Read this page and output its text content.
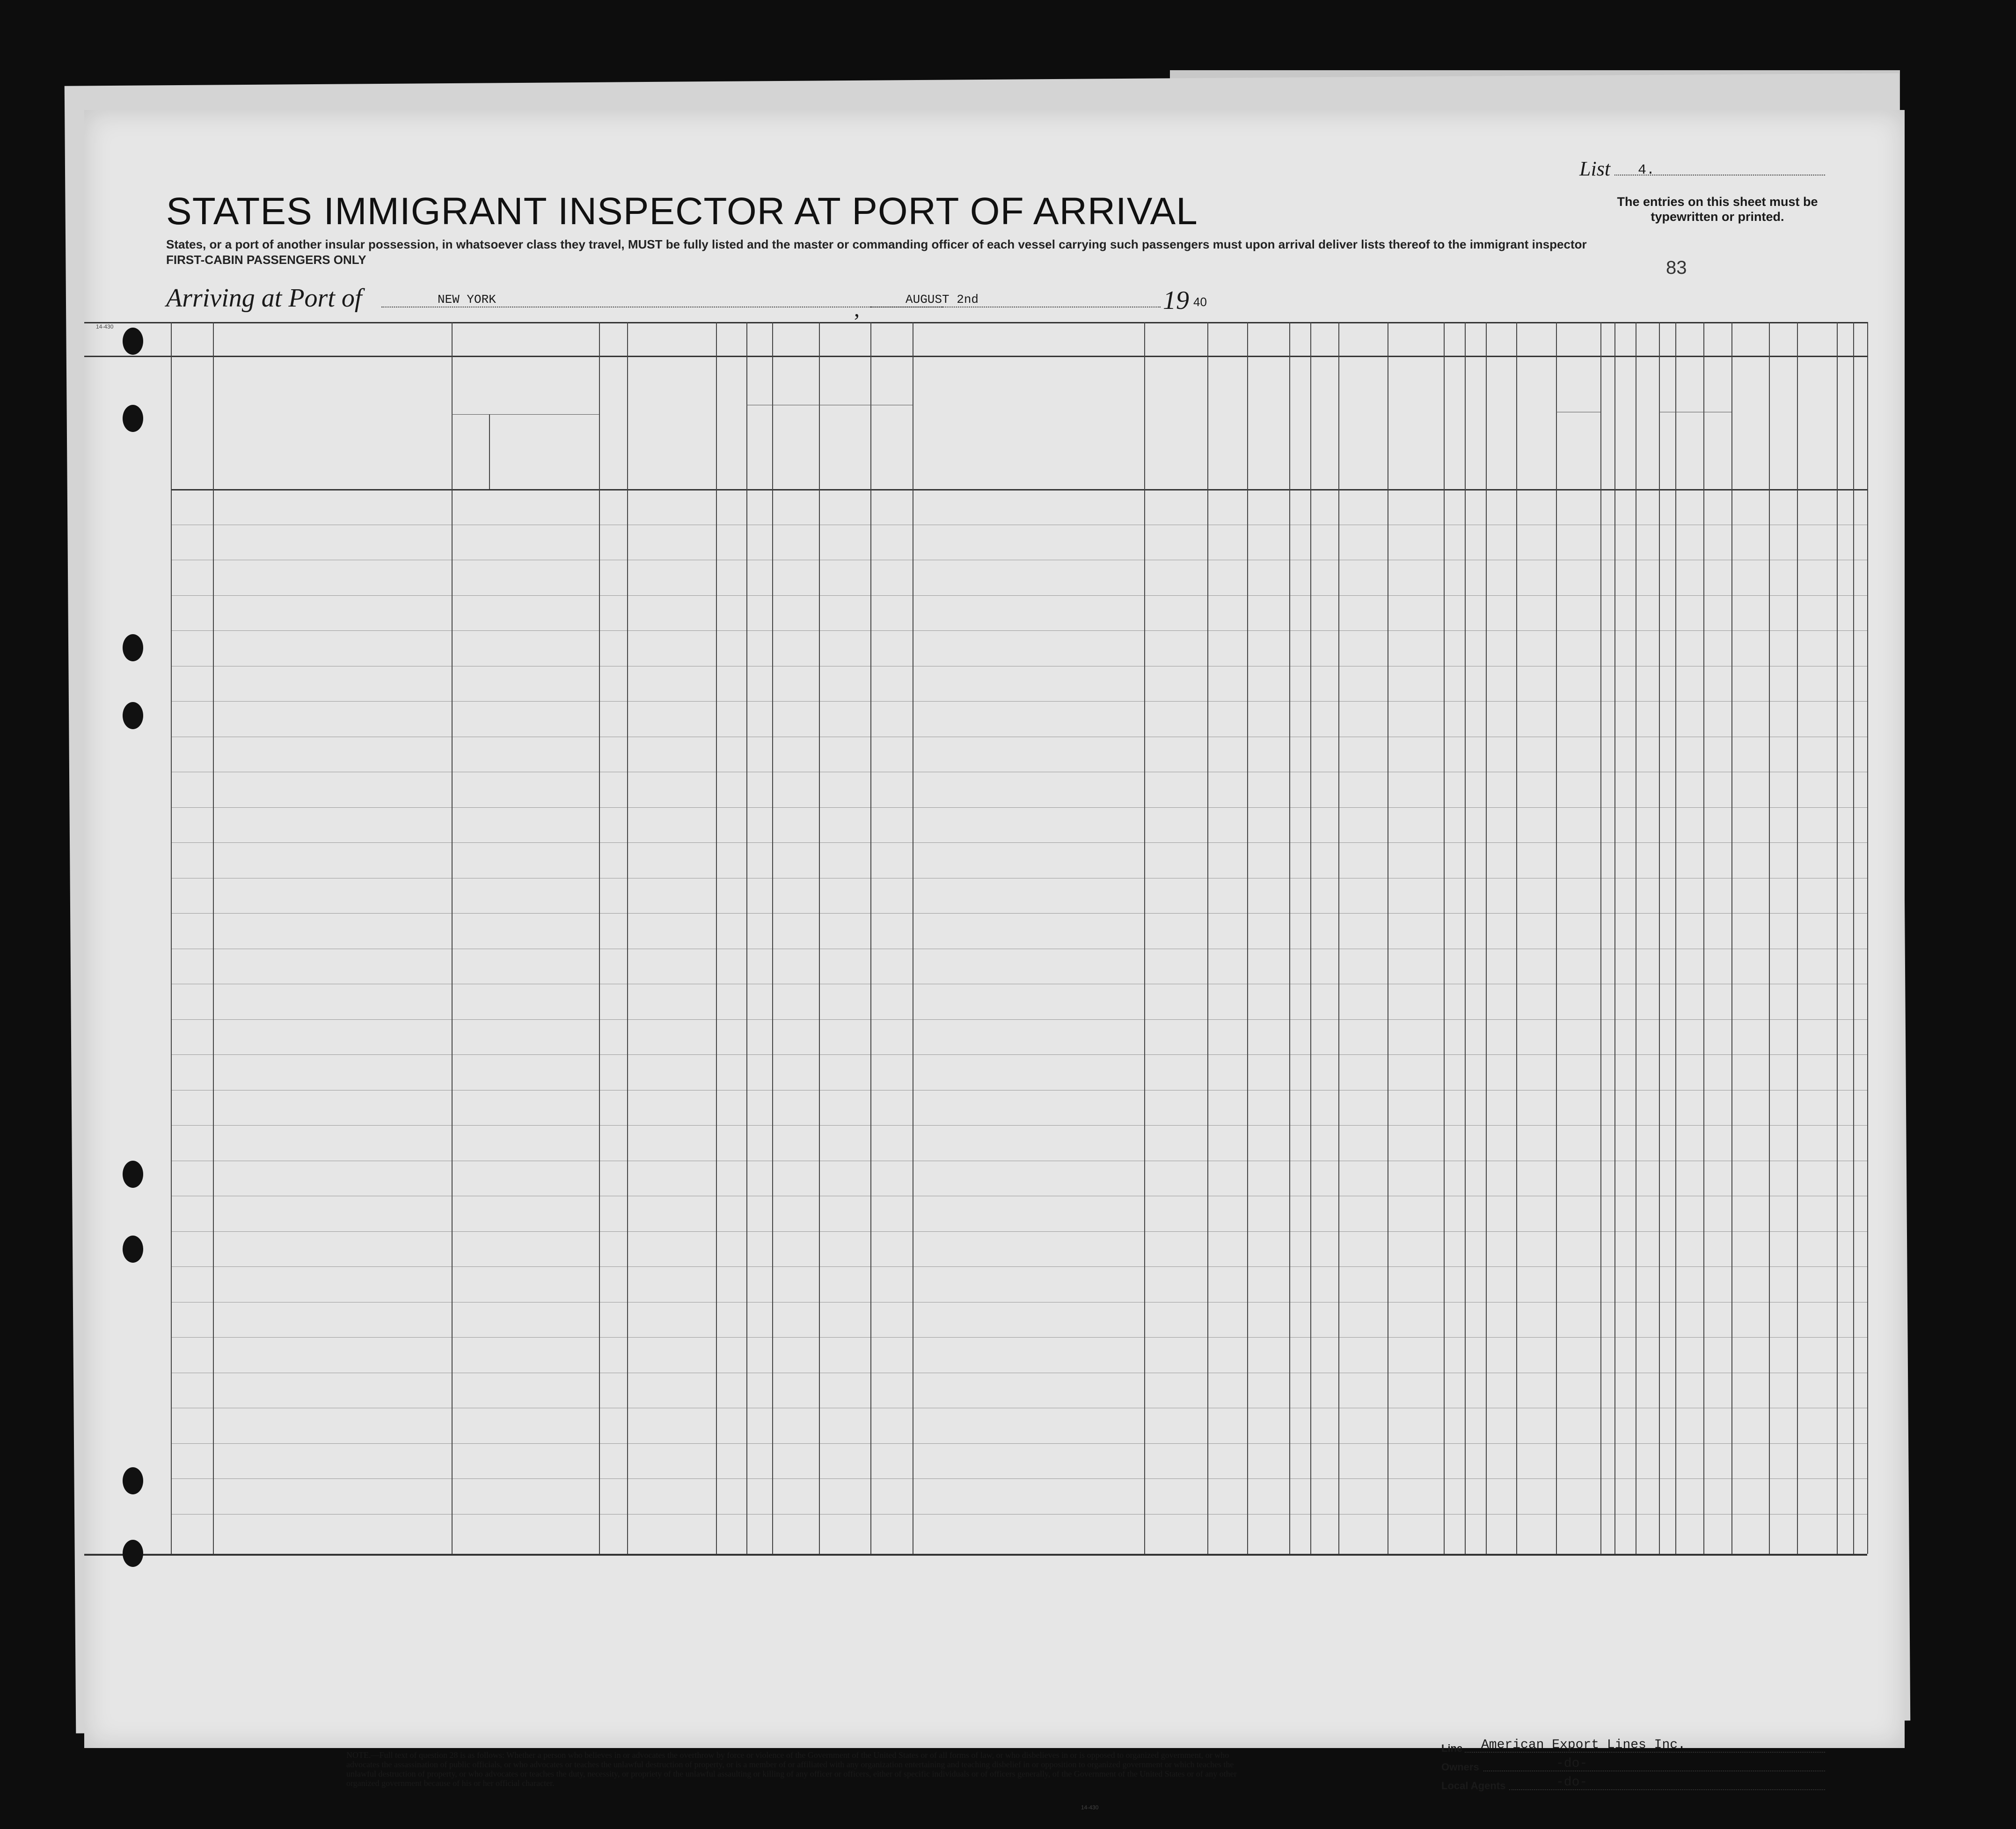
STATES IMMIGRANT INSPECTOR AT PORT OF ARRIVAL
States, or a port of another insular possession, in whatsoever class they travel, MUST be fully listed and the master or commanding officer of each vessel carrying such passengers must upon arrival deliver lists thereof to the immigrant inspector
FIRST-CABIN PASSENGERS ONLY
List 4.
The entries on this sheet must be typewritten or printed.
83
Arriving at Port of	NEW YORK	,	AUGUST 2nd	19 40
14-430
NOTE.—Full text of question 28 is as follows: Whether a person who believes in or advocates the overthrow by force or violence of the Government of the United States or of all forms of law, or who disbelieves in or is opposed to organized government, or who advocates the assassination of public officials, or who advocates or teaches the unlawful destruction of property, or is a member of or affiliated with any organization entertaining and teaching disbelief in or opposition to organized government or which teaches the unlawful destruction of property, or who advocates or teaches the duty, necessity, or propriety of the unlawful assaulting or killing of any officer or officers, either of specific individuals or of officers generally, of the Government of the United States or of any other organized government because of his or her official character.
14-430
Line American Export Lines Inc.
Owners	-do-
Local Agents	-do-
